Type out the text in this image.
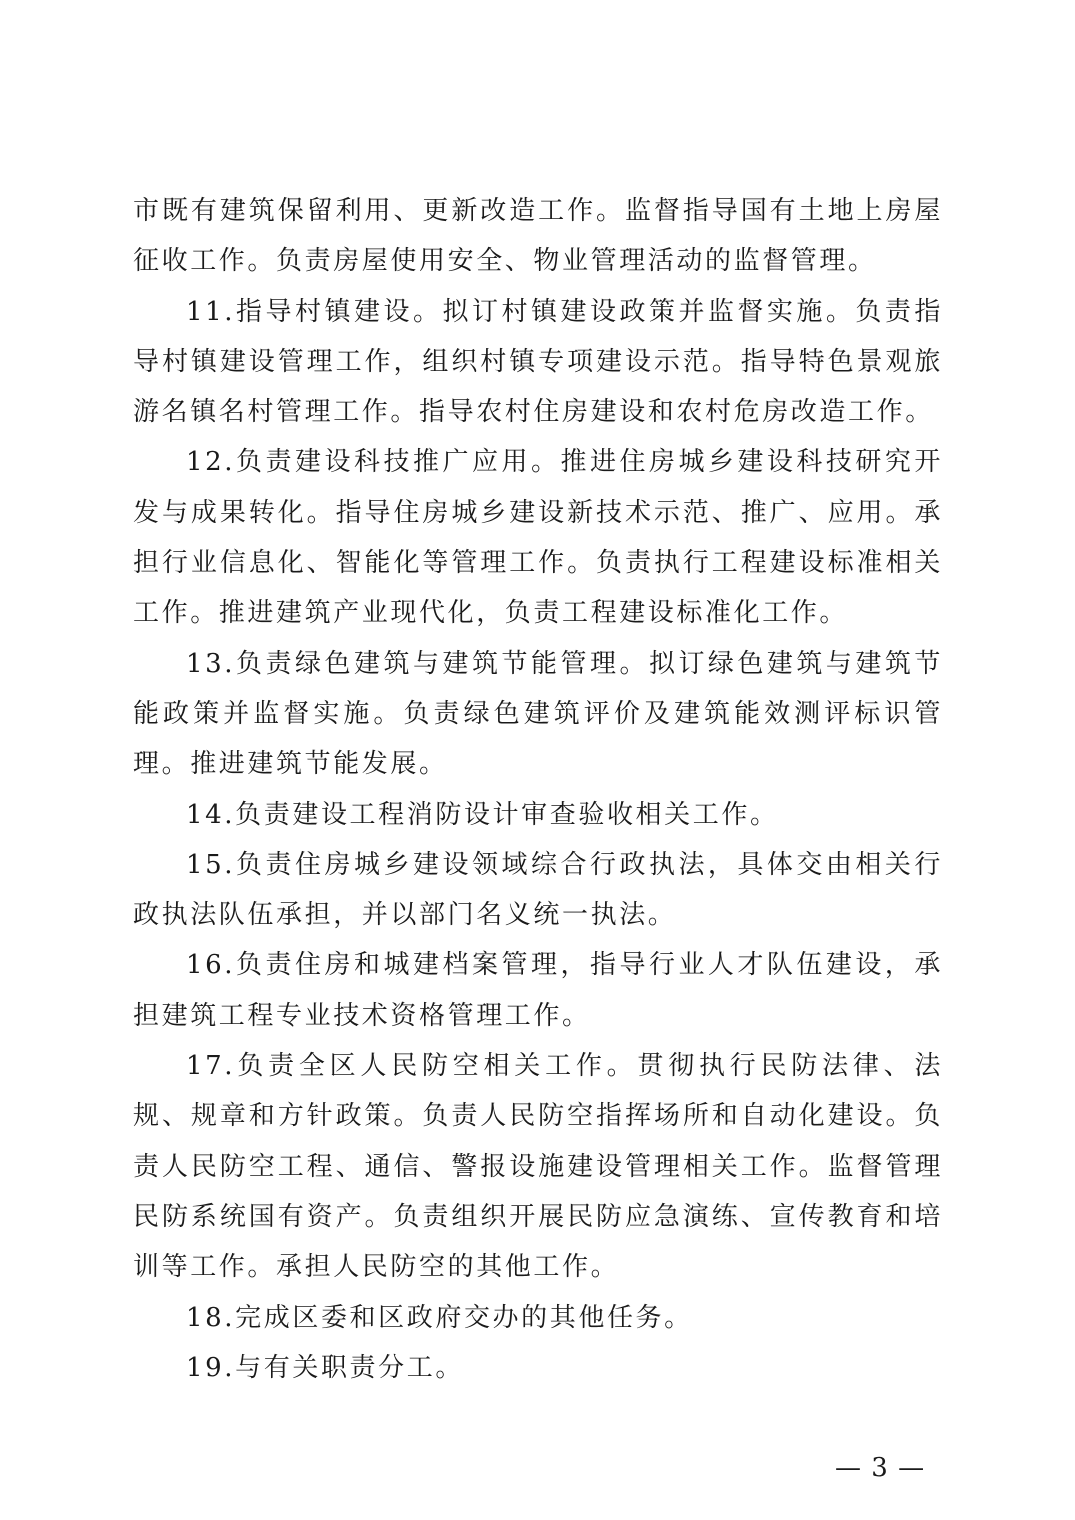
市既有建筑保留利用、更新改造工作。监督指导国有土地上房屋征收工作。负责房屋使用安全、物业管理活动的监督管理。

11.指导村镇建设。拟订村镇建设政策并监督实施。负责指导村镇建设管理工作，组织村镇专项建设示范。指导特色景观旅游名镇名村管理工作。指导农村住房建设和农村危房改造工作。

12.负责建设科技推广应用。推进住房城乡建设科技研究开发与成果转化。指导住房城乡建设新技术示范、推广、应用。承担行业信息化、智能化等管理工作。负责执行工程建设标准相关工作。推进建筑产业现代化，负责工程建设标准化工作。

13.负责绿色建筑与建筑节能管理。拟订绿色建筑与建筑节能政策并监督实施。负责绿色建筑评价及建筑能效测评标识管理。推进建筑节能发展。

14.负责建设工程消防设计审查验收相关工作。

15.负责住房城乡建设领域综合行政执法，具体交由相关行政执法队伍承担，并以部门名义统一执法。

16.负责住房和城建档案管理，指导行业人才队伍建设，承担建筑工程专业技术资格管理工作。

17.负责全区人民防空相关工作。贯彻执行民防法律、法规、规章和方针政策。负责人民防空指挥场所和自动化建设。负责人民防空工程、通信、警报设施建设管理相关工作。监督管理民防系统国有资产。负责组织开展民防应急演练、宣传教育和培训等工作。承担人民防空的其他工作。

18.完成区委和区政府交办的其他任务。

19.与有关职责分工。

— 3 —
